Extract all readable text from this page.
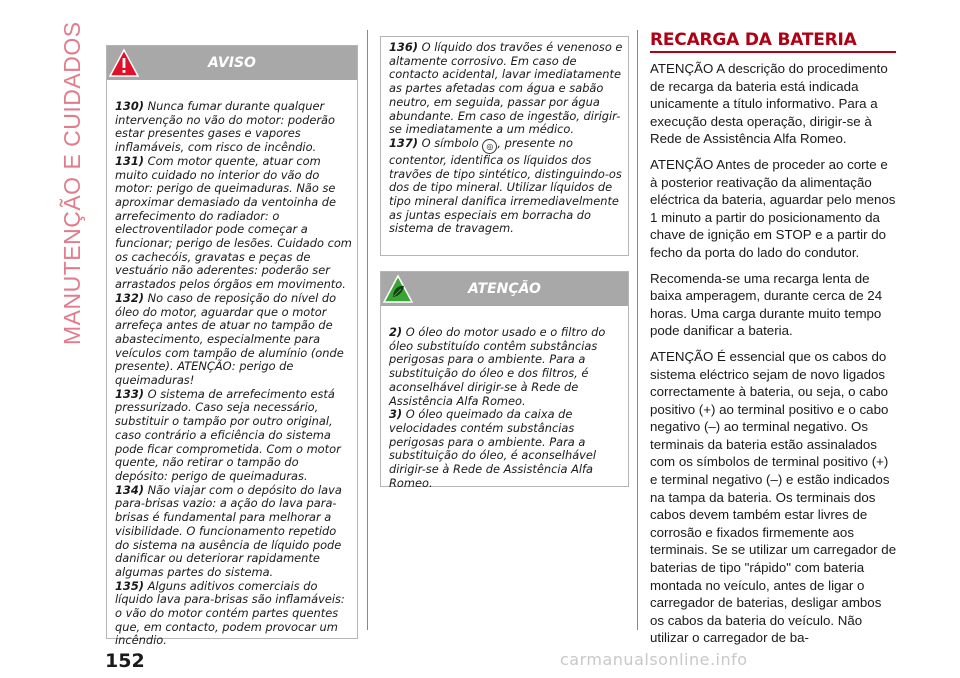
MANUTENÇÃO E CUIDADOS	AVISO

130) Nunca fumar durante qualquer intervenção no vão do motor: poderão estar presentes gases e vapores inflamáveis, com risco de incêndio.

131) Com motor quente, atuar com muito cuidado no interior do vão do motor: perigo de queimaduras. Não se aproximar demasiado da ventoinha de arrefecimento do radiador: o electroventilador pode começar a funcionar; perigo de lesões. Cuidado com os cachecóis, gravatas e peças de vestuário não aderentes: poderão ser arrastados pelos órgãos em movimento.

132) No caso de reposição do nível do óleo do motor, aguardar que o motor arrefeça antes de atuar no tampão de abastecimento, especialmente para veículos com tampão de alumínio (onde presente). ATENÇÃO: perigo de queimaduras!

133) O sistema de arrefecimento está pressurizado. Caso seja necessário, substituir o tampão por outro original, caso contrário a eficiência do sistema pode ficar comprometida. Com o motor quente, não retirar o tampão do depósito: perigo de queimaduras.

134) Não viajar com o depósito do lava para-brisas vazio: a ação do lava para-brisas é fundamental para melhorar a visibilidade. O funcionamento repetido do sistema na ausência de líquido pode danificar ou deteriorar rapidamente algumas partes do sistema.

135) Alguns aditivos comerciais do líquido lava para-brisas são inflamáveis: o vão do motor contém partes quentes que, em contacto, podem provocar um incêndio.

136) O líquido dos travões é venenoso e altamente corrosivo. Em caso de contacto acidental, lavar imediatamente as partes afetadas com água e sabão neutro, em seguida, passar por água abundante. Em caso de ingestão, dirigir-se imediatamente a um médico.

137) O símbolo ◎ , presente no contentor, identifica os líquidos dos travões de tipo sintético, distinguindo-os dos de tipo mineral. Utilizar líquidos de tipo mineral danifica irremediavelmente as juntas especiais em borracha do sistema de travagem.

ATENÇÃO

2) O óleo do motor usado e o filtro do óleo substituído contêm substâncias perigosas para o ambiente. Para a substituição do óleo e dos filtros, é aconselhável dirigir-se à Rede de Assistência Alfa Romeo.

3) O óleo queimado da caixa de velocidades contém substâncias perigosas para o ambiente. Para a substituição do óleo, é aconselhável dirigir-se à Rede de Assistência Alfa Romeo.

RECARGA DA BATERIA

ATENÇÃO A descrição do procedimento de recarga da bateria está indicada unicamente a título informativo. Para a execução desta operação, dirigir-se à Rede de Assistência Alfa Romeo.

ATENÇÃO Antes de proceder ao corte e à posterior reativação da alimentação eléctrica da bateria, aguardar pelo menos 1 minuto a partir do posicionamento da chave de ignição em STOP e a partir do fecho da porta do lado do condutor.

Recomenda-se uma recarga lenta de baixa amperagem, durante cerca de 24 horas. Uma carga durante muito tempo pode danificar a bateria.

ATENÇÃO É essencial que os cabos do sistema eléctrico sejam de novo ligados correctamente à bateria, ou seja, o cabo positivo (+) ao terminal positivo e o cabo negativo (–) ao terminal negativo. Os terminais da bateria estão assinalados com os símbolos de terminal positivo (+) e terminal negativo (–) e estão indicados na tampa da bateria. Os terminais dos cabos devem também estar livres de corrosão e fixados firmemente aos terminais. Se se utilizar um carregador de baterias de tipo "rápido" com bateria montada no veículo, antes de ligar o carregador de baterias, desligar ambos os cabos da bateria do veículo. Não utilizar o carregador de ba-

152	carmanualsonline.info
